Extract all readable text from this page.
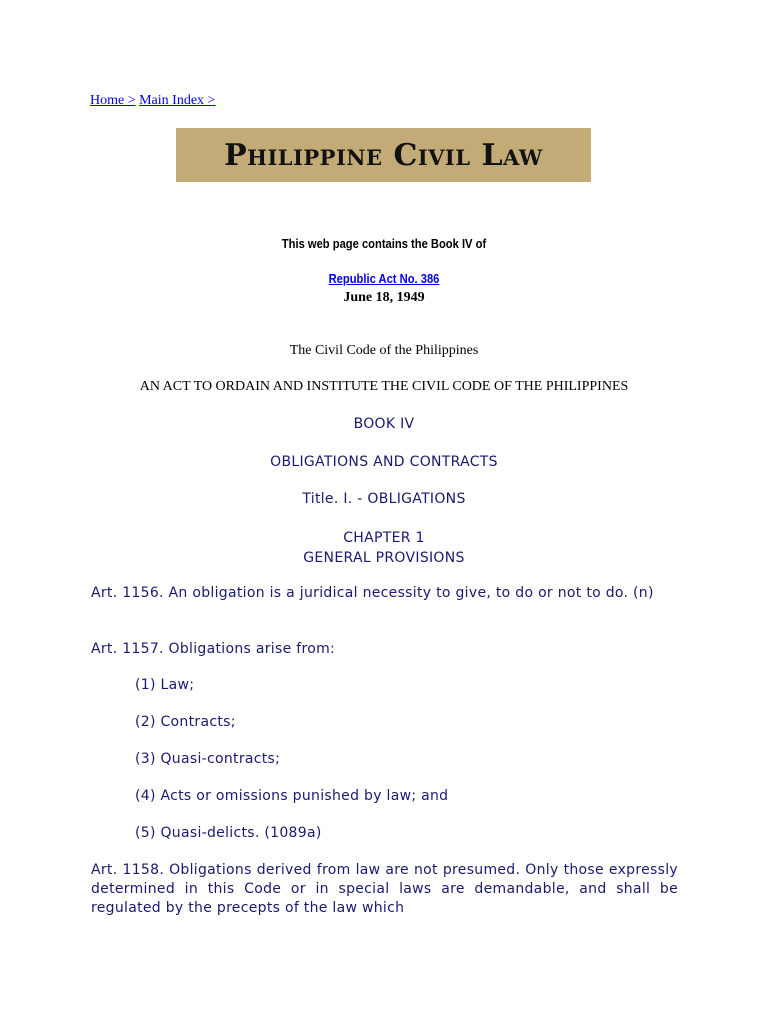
Home > Main Index >
Philippine Civil Law
This web page contains the Book IV of
Republic Act No. 386
June 18, 1949
The Civil Code of the Philippines
AN ACT TO ORDAIN AND INSTITUTE THE CIVIL CODE OF THE PHILIPPINES
BOOK IV
OBLIGATIONS AND CONTRACTS
Title. I. - OBLIGATIONS
CHAPTER 1
GENERAL PROVISIONS
Art. 1156. An obligation is a juridical necessity to give, to do or not to do. (n)
Art. 1157. Obligations arise from:
(1) Law;
(2) Contracts;
(3) Quasi-contracts;
(4) Acts or omissions punished by law; and
(5) Quasi-delicts. (1089a)
Art. 1158. Obligations derived from law are not presumed. Only those expressly determined in this Code or in special laws are demandable, and shall be regulated by the precepts of the law which
